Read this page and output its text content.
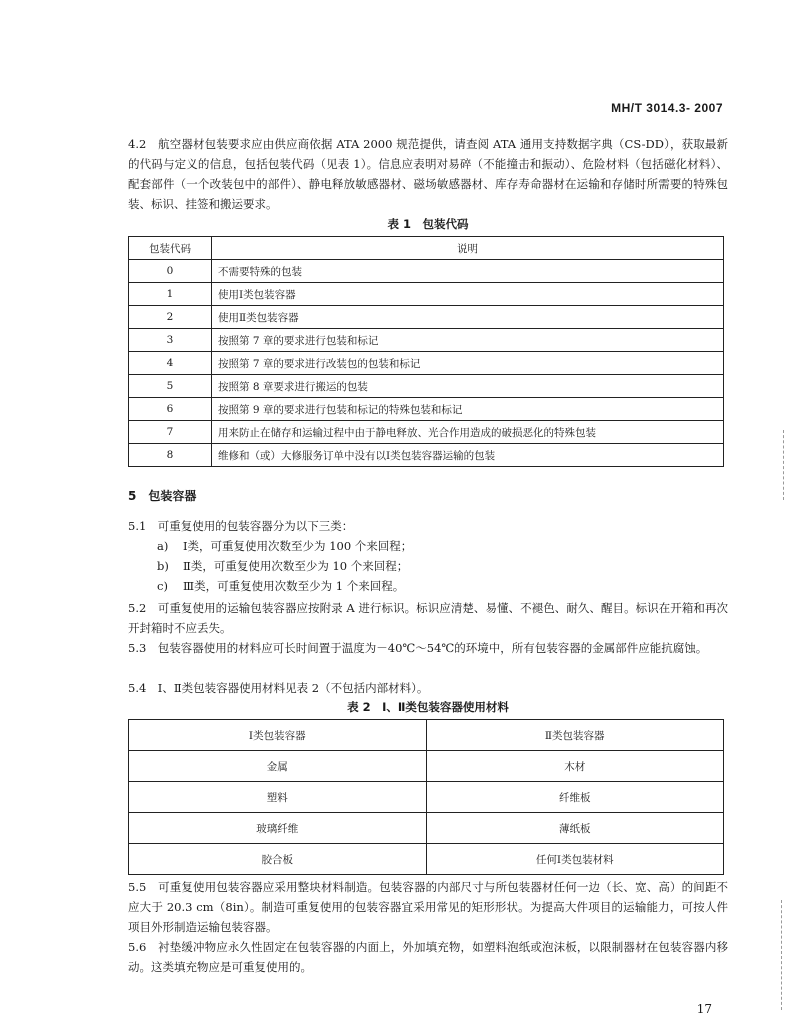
MH/T 3014.3- 2007

4.2　 航空器材包装要求应由供应商依据 ATA 2000 规范提供，请查阅 ATA 通用支持数据字典（CS-DD），获取最新的代码与定义的信息，包括包装代码（见表 1）。信息应表明对易碎（不能撞击和振动）、危险材料（包括磁化材料）、配套部件（一个改装包中的部件）、静电释放敏感器材、磁场敏感器材、库存寿命器材在运输和存储时所需要的特殊包装、标识、挂签和搬运要求。

表 1　包装代码
包装代码	说明
0	不需要特殊的包装
1	使用Ⅰ类包装容器
2	使用Ⅱ类包装容器
3	按照第 7 章的要求进行包装和标记
4	按照第 7 章的要求进行改装包的包装和标记
5	按照第 8 章要求进行搬运的包装
6	按照第 9 章的要求进行包装和标记的特殊包装和标记
7	用来防止在储存和运输过程中由于静电释放、光合作用造成的破损恶化的特殊包装
8	维修和（或）大修服务订单中没有以Ⅰ类包装容器运输的包装
5　 包装容器

5.1　 可重复使用的包装容器分为以下三类：

a) Ⅰ类，可重复使用次数至少为 100 个来回程；
b) Ⅱ类，可重复使用次数至少为 10 个来回程；
c) Ⅲ类，可重复使用次数至少为 1 个来回程。

5.2　 可重复使用的运输包装容器应按附录 A 进行标识。标识应清楚、易懂、不褪色、耐久、醒目。标识在开箱和再次开封箱时不应丢失。

5.3　 包装容器使用的材料应可长时间置于温度为－40℃～54℃的环境中，所有包装容器的金属部件应能抗腐蚀。

5.4　 Ⅰ、Ⅱ类包装容器使用材料见表 2（不包括内部材料）。

表 2　Ⅰ、Ⅱ类包装容器使用材料
Ⅰ类包装容器	Ⅱ类包装容器
金属	木材
塑料	纤维板
玻璃纤维	薄纸板
胶合板	任何Ⅰ类包装材料

5.5　 可重复使用包装容器应采用整块材料制造。包装容器的内部尺寸与所包装器材任何一边（长、宽、高）的间距不应大于 20.3 cm（8in）。制造可重复使用的包装容器宜采用常见的矩形形状。为提高大件项目的运输能力，可按人件项目外形制造运输包装容器。

5.6　 衬垫缓冲物应永久性固定在包装容器的内面上，外加填充物，如塑料泡纸或泡沫板，以限制器材在包装容器内移动。这类填充物应是可重复使用的。

17
